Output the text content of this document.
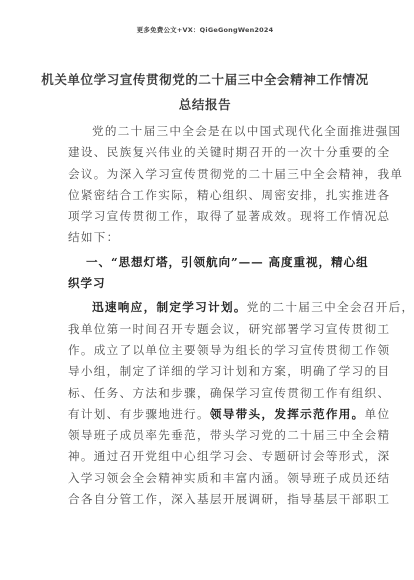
更多免费公文+VX：QiGeGongWen2024
机关单位学习宣传贯彻党的二十届三中全会精神工作情况
总结报告
党的二十届三中全会是在以中国式现代化全面推进强国
建设、民族复兴伟业的关键时期召开的一次十分重要的全
会议。为深入学习宣传贯彻党的二十届三中全会精神，我单
位紧密结合工作实际，精心组织、周密安排，扎实推进各
项学习宣传贯彻工作，取得了显著成效。现将工作情况总
结如下：
一、“思想灯塔，引领航向”—— 高度重视，精心组
织学习
迅速响应，制定学习计划。党的二十届三中全会召开后，
我单位第一时间召开专题会议，研究部署学习宣传贯彻工
作。成立了以单位主要领导为组长的学习宣传贯彻工作领
导小组，制定了详细的学习计划和方案，明确了学习的目
标、任务、方法和步骤，确保学习宣传贯彻工作有组织、
有计划、有步骤地进行。领导带头，发挥示范作用。单位
领导班子成员率先垂范，带头学习党的二十届三中全会精
神。通过召开党组中心组学习会、专题研讨会等形式，深
入学习领会全会精神实质和丰富内涵。领导班子成员还结
合各自分管工作，深入基层开展调研，指导基层干部职工
